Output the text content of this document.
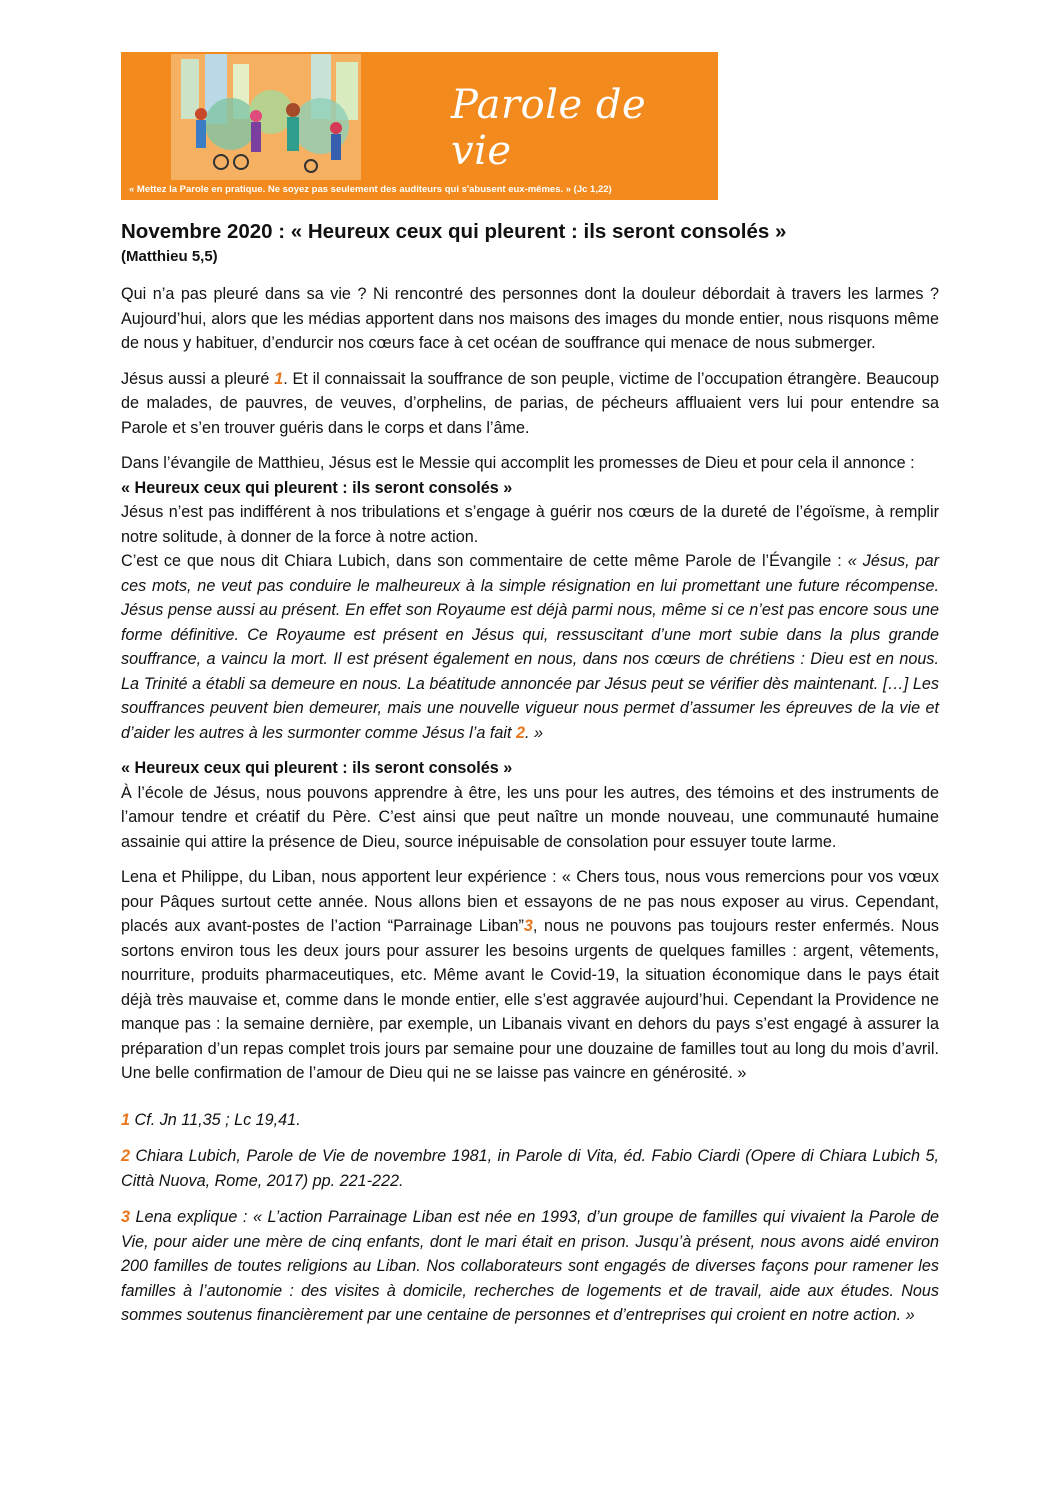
Parole de vie
« Mettez la Parole en pratique. Ne soyez pas seulement des auditeurs qui s'abusent eux-mêmes. » (Jc 1,22)
Novembre 2020 : « Heureux ceux qui pleurent : ils seront consolés »
(Matthieu 5,5)

Qui n’a pas pleuré dans sa vie ? Ni rencontré des personnes dont la douleur débordait à travers les larmes ? Aujourd’hui, alors que les médias apportent dans nos maisons des images du monde entier, nous risquons même de nous y habituer, d’endurcir nos cœurs face à cet océan de souffrance qui menace de nous submerger.

Jésus aussi a pleuré 1. Et il connaissait la souffrance de son peuple, victime de l’occupation étrangère. Beaucoup de malades, de pauvres, de veuves, d’orphelins, de parias, de pécheurs affluaient vers lui pour entendre sa Parole et s’en trouver guéris dans le corps et dans l’âme.

Dans l’évangile de Matthieu, Jésus est le Messie qui accomplit les promesses de Dieu et pour cela il annonce :

« Heureux ceux qui pleurent : ils seront consolés »

Jésus n’est pas indifférent à nos tribulations et s’engage à guérir nos cœurs de la dureté de l’égoïsme, à remplir notre solitude, à donner de la force à notre action.

C’est ce que nous dit Chiara Lubich, dans son commentaire de cette même Parole de l’Évangile : « Jésus, par ces mots, ne veut pas conduire le malheureux à la simple résignation en lui promettant une future récompense. Jésus pense aussi au présent. En effet son Royaume est déjà parmi nous, même si ce n’est pas encore sous une forme définitive. Ce Royaume est présent en Jésus qui, ressuscitant d’une mort subie dans la plus grande souffrance, a vaincu la mort. Il est présent également en nous, dans nos cœurs de chrétiens : Dieu est en nous. La Trinité a établi sa demeure en nous. La béatitude annoncée par Jésus peut se vérifier dès maintenant. […] Les souffrances peuvent bien demeurer, mais une nouvelle vigueur nous permet d’assumer les épreuves de la vie et d’aider les autres à les surmonter comme Jésus l’a fait 2. »

« Heureux ceux qui pleurent : ils seront consolés »

À l’école de Jésus, nous pouvons apprendre à être, les uns pour les autres, des témoins et des instruments de l’amour tendre et créatif du Père. C’est ainsi que peut naître un monde nouveau, une communauté humaine assainie qui attire la présence de Dieu, source inépuisable de consolation pour essuyer toute larme.

Lena et Philippe, du Liban, nous apportent leur expérience : « Chers tous, nous vous remercions pour vos vœux pour Pâques surtout cette année. Nous allons bien et essayons de ne pas nous exposer au virus. Cependant, placés aux avant-postes de l’action “Parrainage Liban”3, nous ne pouvons pas toujours rester enfermés. Nous sortons environ tous les deux jours pour assurer les besoins urgents de quelques familles : argent, vêtements, nourriture, produits pharmaceutiques, etc. Même avant le Covid-19, la situation économique dans le pays était déjà très mauvaise et, comme dans le monde entier, elle s’est aggravée aujourd’hui. Cependant la Providence ne manque pas : la semaine dernière, par exemple, un Libanais vivant en dehors du pays s’est engagé à assurer la préparation d’un repas complet trois jours par semaine pour une douzaine de familles tout au long du mois d’avril. Une belle confirmation de l’amour de Dieu qui ne se laisse pas vaincre en générosité. »

1 Cf. Jn 11,35 ; Lc 19,41.

2 Chiara Lubich, Parole de Vie de novembre 1981, in Parole di Vita, éd. Fabio Ciardi (Opere di Chiara Lubich 5, Città Nuova, Rome, 2017) pp. 221-222.

3 Lena explique : « L’action Parrainage Liban est née en 1993, d’un groupe de familles qui vivaient la Parole de Vie, pour aider une mère de cinq enfants, dont le mari était en prison. Jusqu’à présent, nous avons aidé environ 200 familles de toutes religions au Liban. Nos collaborateurs sont engagés de diverses façons pour ramener les familles à l’autonomie : des visites à domicile, recherches de logements et de travail, aide aux études. Nous sommes soutenus financièrement par une centaine de personnes et d’entreprises qui croient en notre action. »
